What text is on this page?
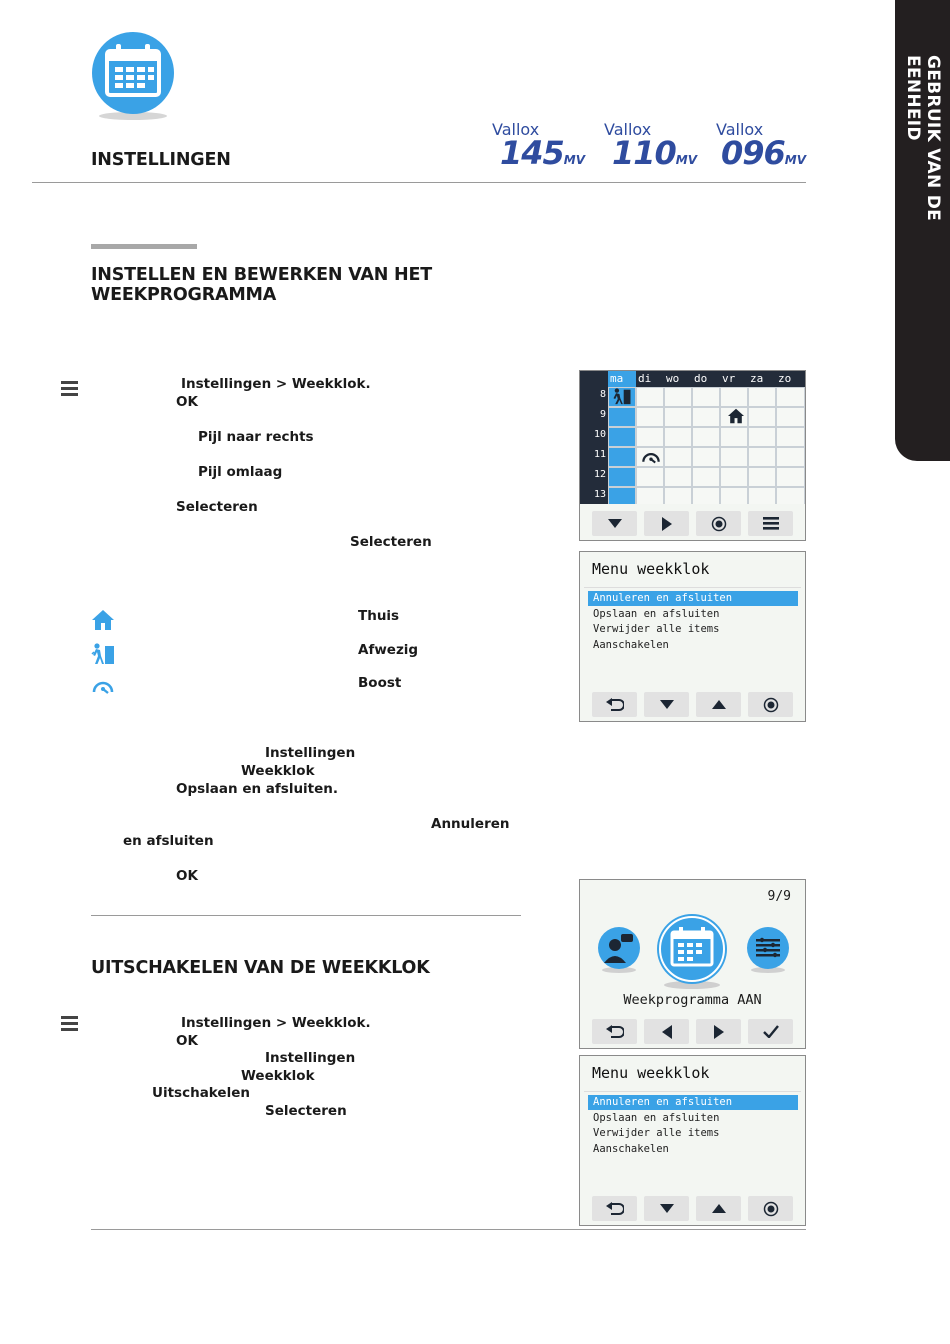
GEBRUIK VAN DE EENHEID
INSTELLINGEN
Vallox
145MV
Vallox
110MV
Vallox
096MV
INSTELLEN EN BEWERKEN VAN HET
WEEKPROGRAMMA
Instellingen > Weekklok.
OK
Pijl naar rechts
Pijl omlaag
Selecteren
Selecteren
Thuis
Afwezig
Boost
Instellingen
Weekklok
Opslaan en afsluiten.
Annuleren
en afsluiten
OK
UITSCHAKELEN VAN DE WEEKKLOK
Instellingen > Weekklok.
OK
Instellingen
Weekklok
Uitschakelen
Selecteren
ma di wo do vr za zo
8
9
10
11
12
13
Menu weekklok
Annuleren en afsluiten
Opslaan en afsluiten
Verwijder alle items
Aanschakelen
9/9
Weekprogramma AAN
Menu weekklok
Annuleren en afsluiten
Opslaan en afsluiten
Verwijder alle items
Aanschakelen
